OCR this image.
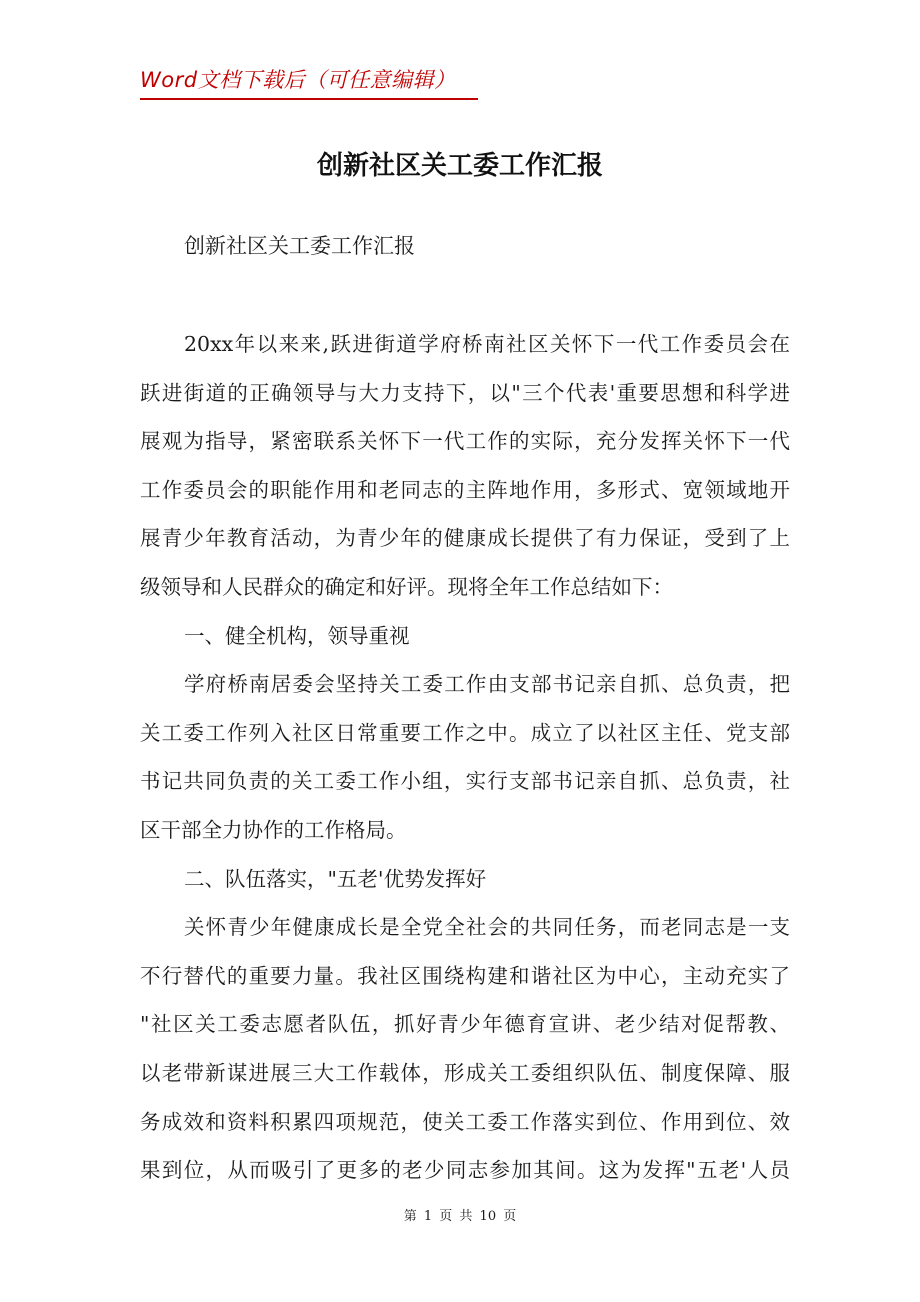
Word文档下载后（可任意编辑）
创新社区关工委工作汇报
创新社区关工委工作汇报
20xx年以来来,跃进街道学府桥南社区关怀下一代工作委员会在
跃进街道的正确领导与大力支持下，以"三个代表'重要思想和科学进
展观为指导，紧密联系关怀下一代工作的实际，充分发挥关怀下一代
工作委员会的职能作用和老同志的主阵地作用，多形式、宽领域地开
展青少年教育活动，为青少年的健康成长提供了有力保证，受到了上
级领导和人民群众的确定和好评。现将全年工作总结如下：
一、健全机构，领导重视
学府桥南居委会坚持关工委工作由支部书记亲自抓、总负责，把
关工委工作列入社区日常重要工作之中。成立了以社区主任、党支部
书记共同负责的关工委工作小组，实行支部书记亲自抓、总负责，社
区干部全力协作的工作格局。
二、队伍落实，"五老'优势发挥好
关怀青少年健康成长是全党全社会的共同任务，而老同志是一支
不行替代的重要力量。我社区围绕构建和谐社区为中心，主动充实了
"社区关工委志愿者队伍，抓好青少年德育宣讲、老少结对促帮教、
以老带新谋进展三大工作载体，形成关工委组织队伍、制度保障、服
务成效和资料积累四项规范，使关工委工作落实到位、作用到位、效
果到位，从而吸引了更多的老少同志参加其间。这为发挥"五老'人员
第 1 页 共 10 页
